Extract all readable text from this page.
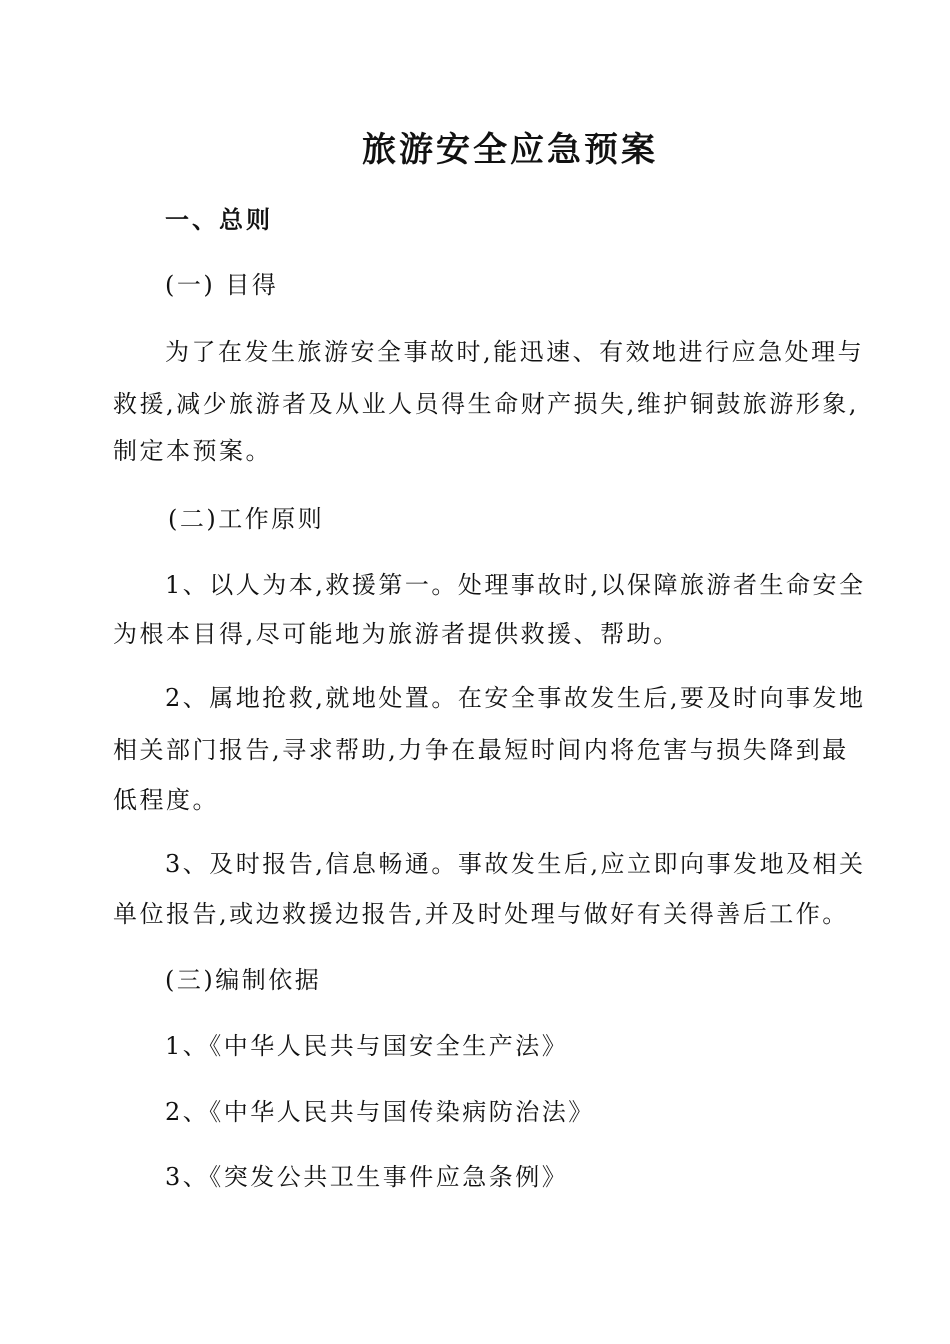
旅游安全应急预案
一、总则
(一) 目得
为了在发生旅游安全事故时,能迅速、有效地进行应急处理与
救援,减少旅游者及从业人员得生命财产损失,维护铜鼓旅游形象,
制定本预案。
(二)工作原则
1、以人为本,救援第一。处理事故时,以保障旅游者生命安全
为根本目得,尽可能地为旅游者提供救援、帮助。
2、属地抢救,就地处置。在安全事故发生后,要及时向事发地
相关部门报告,寻求帮助,力争在最短时间内将危害与损失降到最
低程度。
3、及时报告,信息畅通。事故发生后,应立即向事发地及相关
单位报告,或边救援边报告,并及时处理与做好有关得善后工作。
(三)编制依据
1、《中华人民共与国安全生产法》
2、《中华人民共与国传染病防治法》
3、《突发公共卫生事件应急条例》
